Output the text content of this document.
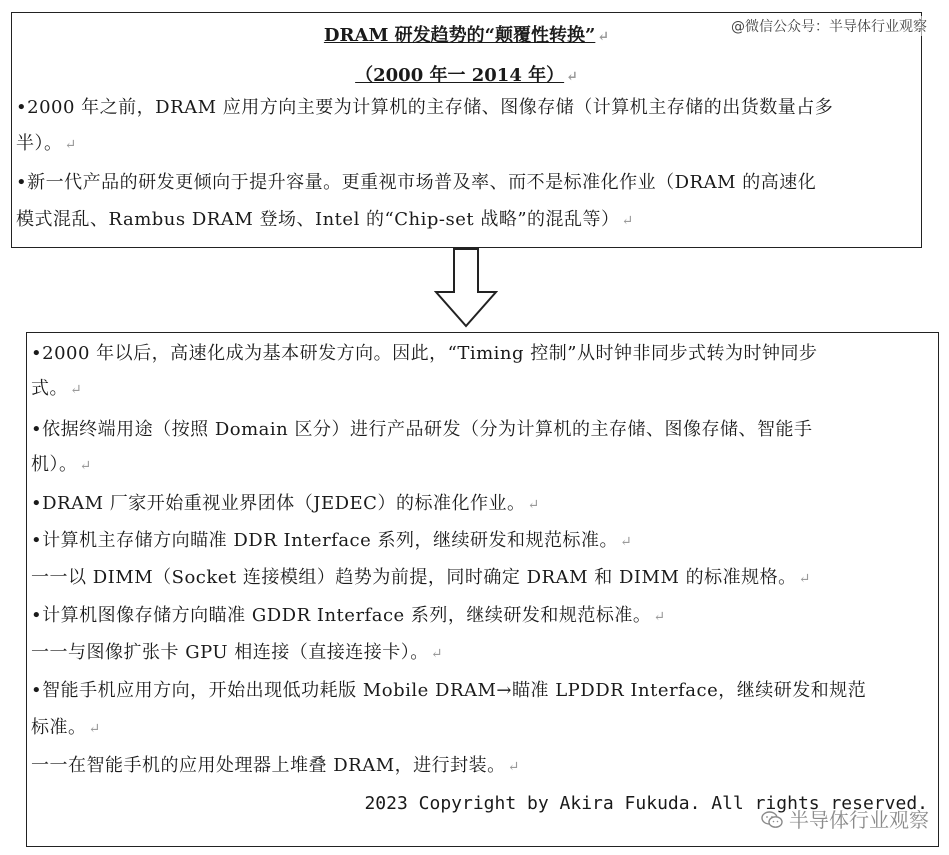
DRAM 研发趋势的“颠覆性转换” ↵
（2000 年一 2014 年） ↵
•2000 年之前，DRAM 应用方向主要为计算机的主存储、图像存储（计算机主存储的出货数量占多
半）。 ↵
•新一代产品的研发更倾向于提升容量。更重视市场普及率、而不是标准化作业（DRAM 的高速化
模式混乱、Rambus DRAM 登场、Intel 的“Chip-set 战略”的混乱等） ↵
@微信公众号：半导体行业观察
•2000 年以后，高速化成为基本研发方向。因此，“Timing 控制”从时钟非同步式转为时钟同步
式。 ↵
•依据终端用途（按照 Domain 区分）进行产品研发（分为计算机的主存储、图像存储、智能手
机）。 ↵
•DRAM 厂家开始重视业界团体（JEDEC）的标准化作业。 ↵
•计算机主存储方向瞄准 DDR Interface 系列，继续研发和规范标准。 ↵
一一以 DIMM（Socket 连接模组）趋势为前提，同时确定 DRAM 和 DIMM 的标准规格。 ↵
•计算机图像存储方向瞄准 GDDR Interface 系列，继续研发和规范标准。 ↵
一一与图像扩张卡 GPU 相连接（直接连接卡）。 ↵
•智能手机应用方向，开始出现低功耗版 Mobile DRAM→瞄准 LPDDR Interface，继续研发和规范
标准。 ↵
一一在智能手机的应用处理器上堆叠 DRAM，进行封装。 ↵
2023 Copyright by Akira Fukuda. All rights reserved.
半导体行业观察
